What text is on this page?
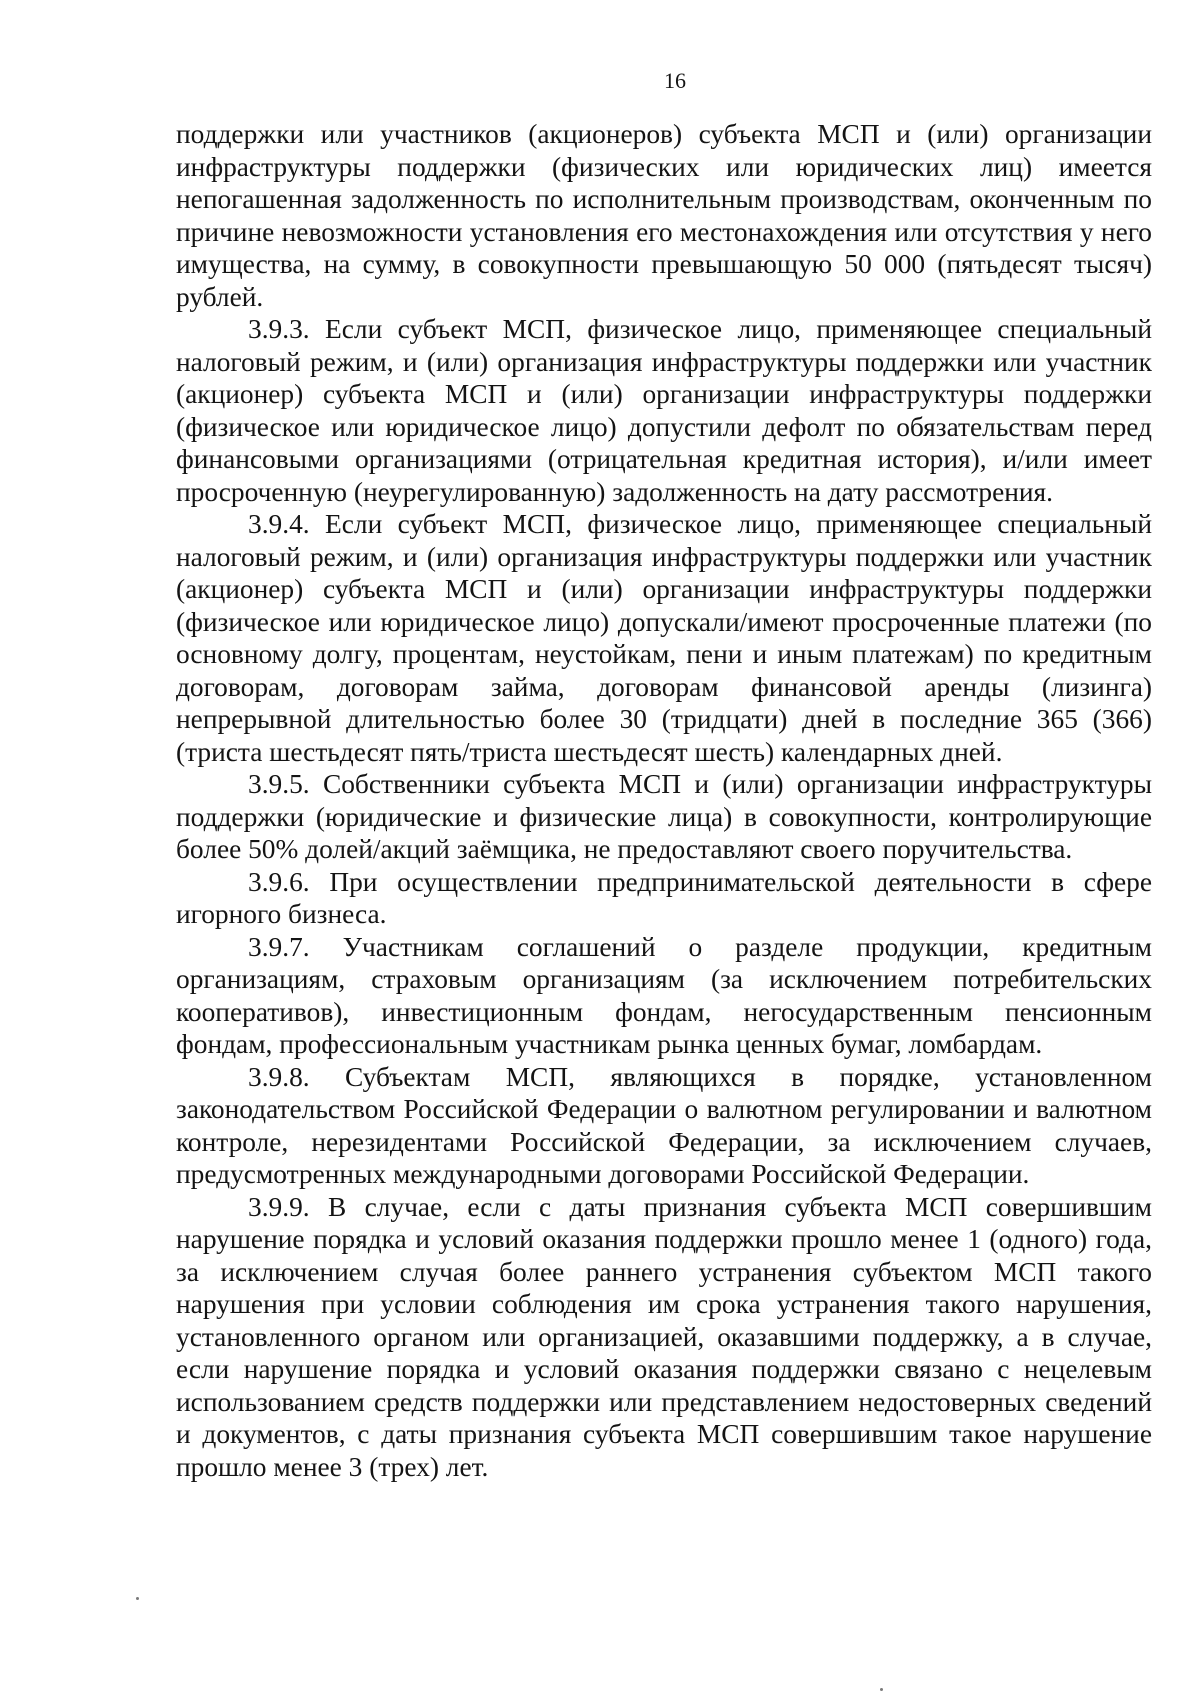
16

поддержки или участников (акционеров) субъекта МСП и (или) организации инфраструктуры поддержки (физических или юридических лиц) имеется непогашенная задолженность по исполнительным производствам, оконченным по причине невозможности установления его местонахождения или отсутствия у него имущества, на сумму, в совокупности превышающую 50 000 (пятьдесят тысяч) рублей.

3.9.3. Если субъект МСП, физическое лицо, применяющее специальный налоговый режим, и (или) организация инфраструктуры поддержки или участник (акционер) субъекта МСП и (или) организации инфраструктуры поддержки (физическое или юридическое лицо) допустили дефолт по обязательствам перед финансовыми организациями (отрицательная кредитная история), и/или имеет просроченную (неурегулированную) задолженность на дату рассмотрения.

3.9.4. Если субъект МСП, физическое лицо, применяющее специальный налоговый режим, и (или) организация инфраструктуры поддержки или участник (акционер) субъекта МСП и (или) организации инфраструктуры поддержки (физическое или юридическое лицо) допускали/имеют просроченные платежи (по основному долгу, процентам, неустойкам, пени и иным платежам) по кредитным договорам, договорам займа, договорам финансовой аренды (лизинга) непрерывной длительностью более 30 (тридцати) дней в последние 365 (366) (триста шестьдесят пять/триста шестьдесят шесть) календарных дней.

3.9.5. Собственники субъекта МСП и (или) организации инфраструктуры поддержки (юридические и физические лица) в совокупности, контролирующие более 50% долей/акций заёмщика, не предоставляют своего поручительства.

3.9.6. При осуществлении предпринимательской деятельности в сфере игорного бизнеса.

3.9.7. Участникам соглашений о разделе продукции, кредитным организациям, страховым организациям (за исключением потребительских кооперативов), инвестиционным фондам, негосударственным пенсионным фондам, профессиональным участникам рынка ценных бумаг, ломбардам.

3.9.8. Субъектам МСП, являющихся в порядке, установленном законодательством Российской Федерации о валютном регулировании и валютном контроле, нерезидентами Российской Федерации, за исключением случаев, предусмотренных международными договорами Российской Федерации.

3.9.9. В случае, если с даты признания субъекта МСП совершившим нарушение порядка и условий оказания поддержки прошло менее 1 (одного) года, за исключением случая более раннего устранения субъектом МСП такого нарушения при условии соблюдения им срока устранения такого нарушения, установленного органом или организацией, оказавшими поддержку, а в случае, если нарушение порядка и условий оказания поддержки связано с нецелевым использованием средств поддержки или представлением недостоверных сведений и документов, с даты признания субъекта МСП совершившим такое нарушение прошло менее 3 (трех) лет.
